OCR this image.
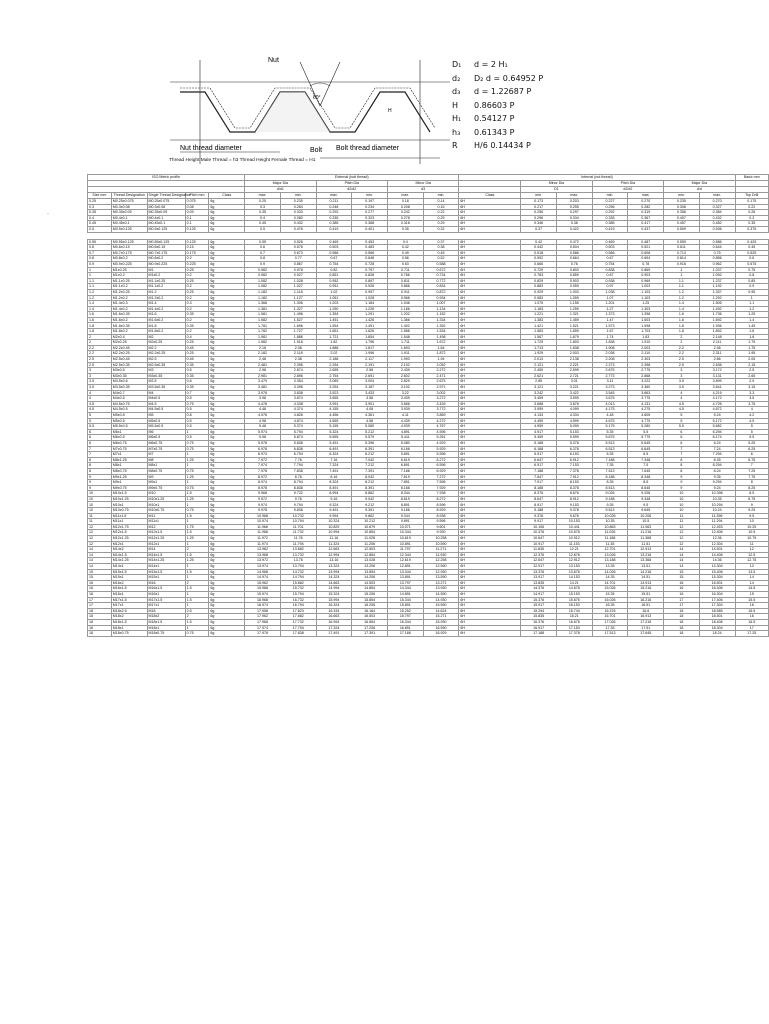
Nut
Bolt
60°
H
Nut thread diameter	Bolt thread diameter
D₁	d = 2 H₁
d₂	D₂ d = 0.64952 P
d₃	d = 1.22687 P
H	0.86603 P
H₁	0.54127 P
h₃	0.61343 P
R	H/6 0.14434 P
Thread Height Male Thread = h3 Thread Height Female Thread = H1
·
ISO Metric profile					External (bolt thread)						Internal (nut thread)							Basic mm
					Major Dia		Pitch Dia		Minor Dia			Minor Dia		Pitch Dia		Major Dia		
					d/d1		d2/d2		d3			D1		d2/d2		d/d		
Size mm	Thread Designation	Single Thread Designation	Pitch mm	Class	max.	min.	max.	min.	max.	min.	Class	min.	max.	min.	max.	min.	max.	Top Drill
0.25	M0.25x0.075	M0.25x0.075	0.075	6g	0.25	0.235	0.211	0.197	0.18	0.14	6H	0.173	0.203	0.227	0.270	0.235	0.270	0.175
0.3	M0.3x0.08	M0.3x0.08	0.08	6g	0.3	0.284	0.248	0.234	0.208	0.16	6H	0.217	0.255	0.256	0.282	0.308	0.327	0.22
0.35	M0.35x0.09	M0.35x0.09	0.09	6g	0.35	0.333	0.292	0.277	0.242	0.22	6H	0.256	0.297	0.292	0.319	0.356	0.384	0.26
0.4	M0.4x0.1	M0.4x0.1	0.1	6g	0.4	0.380	0.335	0.323	0.278	0.25	6H	0.296	0.334	0.335	0.367	0.407	0.432	0.3
0.45	M0.45x0.1	M0.45x0.1	0.1	6g	0.45	0.432	0.385	0.368	0.318	0.29	6H	0.346	0.38	0.385	0.417	0.457	0.482	0.35
0.5	M0.5x0.125	M0.5x0.125	0.125	6g	0.5	0.476	0.419	0.401	0.35	0.32	6H	0.37	0.422	0.419	0.437	0.509	0.536	0.375

0.55	M0.55x0.125	M0.55x0.125	0.125	6g	0.55	0.526	0.469	0.453	0.4	0.37	6H	0.42	0.472	0.469	0.487	0.559	0.586	0.425
0.6	M0.6x0.15	M0.6x0.15	0.15	6g	0.6	0.576	0.503	0.483	0.42	0.38	6H	0.442	0.504	0.503	0.521	0.611	0.644	0.45
0.7	M0.7x0.175	M0.7x0.175	0.175	6g	0.7	0.673	0.586	0.566	0.49	0.45	6H	0.518	0.586	0.586	0.608	0.713	0.75	0.525
0.8	M0.8x0.2	M0.8x0.2	0.2	6g	0.8	0.77	0.67	0.648	0.56	0.52	6H	0.592	0.664	0.67	0.694	0.814	0.856	0.6
0.9	M0.9x0.225	M0.9x0.225	0.225	6g	0.9	0.867	0.754	0.728	0.63	0.588	6H	0.666	0.76	0.754	0.78	0.916	0.962	0.675
1	M1x0.25	M1	0.25	6g	0.982	0.978	0.82	0.797	0.711	0.672	6H	0.729	0.803	0.838	0.869	1	1.037	0.75
1	M1x0.2	M1x0.2	0.2	6g	0.982	0.927	0.851	0.828	0.766	0.734	6H	0.783	0.859	0.87	0.903	1	1.092	0.8
1.1	M1.1x0.25	M1.1x0.25	0.25	6g	1.082	1.028	0.952	0.897	0.811	0.772	6H	0.829	0.903	0.938	0.969	1.1	1.237	0.85
1.1	M1.1x0.2	M1.1x0.2	0.2	6g	1.082	1.027	0.951	0.928	0.866	0.834	6H	0.883	0.959	0.97	1.003	1.1	1.192	0.9
1.2	M1.2x0.25	M1.2	0.25	6g	1.182	1.118	1.02	0.997	0.911	0.872	6H	0.929	1.003	1.038	1.103	1.2	1.337	0.95
1.2	M1.2x0.2	M1.2x0.2	0.2	6g	1.182	1.127	1.051	1.028	0.966	0.934	6H	0.983	1.059	1.07	1.103	1.2	1.292	1
1.4	M1.4x0.3	M1.4	0.3	6g	1.368	1.306	1.203	1.184	1.046	1.007	6H	1.075	1.155	1.201	1.25	1.4	1.505	1.1
1.4	M1.4x0.2	M1.4x0.2	0.2	6g	1.381	1.327	1.250	1.226	1.166	1.134	6H	1.183	1.259	1.27	1.303	1.4	1.492	1.2
1.6	M1.6x0.35	M1.6	0.35	6g	1.581	1.496	1.354	1.291	1.202	1.152	6H	1.221	1.321	1.373	1.398	1.6	1.736	1.25
1.6	M1.6x0.2	M1.6x0.2	0.2	6g	1.582	1.527	1.451	1.426	1.366	1.334	6H	1.383	1.459	1.47	1.503	1.6	1.692	1.4
1.8	M1.8x0.35	M1.8	0.35	6g	1.781	1.696	1.554	1.491	1.402	1.352	6H	1.421	1.521	1.573	1.598	1.8	1.936	1.45
1.8	M1.8x0.2	M1.8x0.2	0.2	6g	1.782	1.727	1.651	1.626	1.566	1.534	6H	1.583	1.659	1.67	1.703	1.8	1.892	1.6
2	M2x0.4	M2	0.4	6g	1.981	1.886	1.721	1.654	1.548	1.498	6H	1.567	1.679	1.74	1.83	2	2.148	1.6
2	M2x0.25	M2x0.25	0.25	6g	1.982	1.918	1.82	1.796	1.711	1.672	6H	1.729	1.803	1.838	1.910	2	2.111	1.75
2.2	M2.2x0.45	M2.2	0.45	6g	2.18	2.08	1.888	1.817	1.693	1.64	6H	1.713	1.838	1.908	2.003	2.2	2.36	1.75
2.2	M2.2x0.25	M2.2x0.25	0.25	6g	2.182	2.118	2.02	1.996	1.911	1.872	6H	1.929	2.003	2.038	2.110	2.2	2.311	1.95
2.5	M2.5x0.45	M2.5	0.45	6g	2.48	2.38	2.188	2.117	1.993	1.94	6H	2.013	2.138	2.208	2.303	2.5	2.66	2.05
2.5	M2.5x0.35	M2.5x0.35	0.35	6g	2.481	2.396	2.254	2.191	2.102	2.052	6H	2.121	2.221	2.273	2.398	2.5	2.636	2.15
3	M3x0.5	M3	0.5	6g	2.98	2.874	2.655	2.58	2.439	2.272	6H	2.459	2.599	2.675	2.775	3	3.172	2.5
3	M3x0.35	M3x0.35	0.35	6g	2.981	2.896	2.754	2.691	2.602	2.471	6H	2.621	2.721	2.773	2.868	3	3.131	2.65
3.5	M3.5x0.6	M3.5	0.6	6g	3.479	3.354	3.089	3.004	2.829	2.675	6H	2.85	3.01	3.11	3.222	3.5	3.699	2.9
3.5	M3.5x0.35	M3.5x0.35	0.35	6g	3.481	3.396	3.254	3.187	3.102	2.971	6H	3.121	3.221	3.273	3.360	3.5	3.641	3.15
4	M4x0.7	M4	0.7	6g	3.978	3.838	3.523	3.433	3.22	3.002	6H	3.242	3.422	3.545	3.663	4	4.219	3.3
4	M4x0.5	M4x0.5	0.5	6g	3.98	3.874	3.655	3.58	3.439	3.272	6H	3.459	3.599	3.675	3.775	4	4.172	3.5
4.5	M4.5x0.75	M4.5	0.75	6g	4.478	4.338	3.991	3.901	3.666	3.439	6H	3.688	3.878	4.013	4.131	4.5	4.726	3.75
4.5	M4.5x0.5	M4.5x0.5	0.5	6g	4.48	4.374	4.155	4.08	3.939	3.772	6H	3.959	4.099	4.175	4.275	4.5	4.672	4
5	M5x0.8	M5	0.8	6g	4.976	4.826	4.456	4.361	4.11	3.869	6H	4.134	4.334	4.48	4.605	5	5.24	4.2
5	M5x0.5	M5x0.5	0.5	6g	4.98	4.874	4.655	4.58	4.439	4.272	6H	4.459	4.599	4.675	4.775	5	5.172	4.5
5.5	M5.5x0.5	M5.5x0.5	0.5	6g	5.48	5.374	5.155	5.080	4.939	4.767	6H	4.959	5.099	5.175	5.280	5.5	5.682	5
6	M6x1	M6	1	6g	5.974	5.794	5.324	5.212	4.891	4.596	6H	4.917	5.153	5.35	5.5	6	6.294	5
6	M6x0.5	M6x0.5	0.5	6g	5.98	5.874	5.655	5.579	5.411	5.261	6H	5.459	5.599	5.675	5.775	6	6.174	5.5
6	M6x0.75	M6x0.75	0.75	6g	5.978	5.838	5.491	5.396	5.080	4.929	6H	5.188	5.378	5.513	5.645	6	6.24	5.25
7	M7x0.75	M7x0.75	0.75	6g	6.978	6.838	6.491	6.391	6.166	5.929	6H	6.188	6.378	6.513	6.645	7	7.24	6.25
7	M7x1	M7	1	6g	6.974	6.794	6.324	6.212	5.891	5.596	6H	5.917	6.153	6.35	6.5	7	7.294	6
8	M8x1.25	M8	1.25	6g	7.972	7.76	7.16	7.042	6.619	6.272	6H	6.647	6.912	7.188	7.348	8	8.35	6.75
8	M8x1	M8x1	1	6g	7.974	7.794	7.324	7.212	6.891	6.596	6H	6.917	7.153	7.35	7.5	8	8.294	7
8	M8x0.75	M8x0.75	0.75	6g	7.978	7.838	7.491	7.391	7.166	6.929	6H	7.188	7.378	7.513	7.645	8	8.24	7.25
9	M9x1.25	M9	1.25	6g	8.972	8.76	8.16	8.042	7.619	7.272	6H	7.647	7.912	8.188	8.348	9	9.35	7.75
9	M9x1	M9x1	1	6g	8.974	8.794	8.324	8.212	7.891	7.596	6H	7.917	8.153	8.35	8.5	9	9.294	8
9	M9x0.75	M9x0.75	0.75	6g	8.978	8.838	8.491	8.391	8.166	7.929	6H	8.188	8.378	8.513	8.645	9	9.24	8.25
10	M10x1.5	M10	1.5	6g	9.968	9.732	8.994	8.862	8.344	7.938	6H	8.376	8.676	9.026	9.206	10	10.396	8.5
10	M10x1.25	M10x1.25	1.25	6g	9.972	9.76	9.16	9.042	8.619	8.272	6H	8.647	8.912	9.188	9.348	10	10.35	8.75
10	M10x1	M10x1	1	6g	9.974	9.794	9.324	9.212	8.891	8.596	6H	8.917	9.153	9.35	9.5	10	10.294	9
10	M10x0.75	M10x0.75	0.75	6g	9.978	9.838	9.491	9.391	9.166	8.929	6H	9.188	9.378	9.513	9.645	10	10.24	9.25
11	M11x1.5	M11	1.5	6g	10.968	10.732	9.994	9.862	9.344	8.938	6H	9.376	9.676	10.026	10.206	11	11.396	9.5
11	M11x1	M11x1	1	6g	10.974	10.794	10.324	10.212	9.891	9.596	6H	9.917	10.153	10.35	10.5	11	11.294	10
12	M12x1.75	M12	1.75	6g	11.966	11.701	10.829	10.679	10.071	9.601	6H	10.106	10.441	10.863	11.063	12	12.453	10.25
12	M12x1.5	M12x1.5	1.5	6g	11.968	11.732	10.994	10.854	10.344	9.930	6H	10.376	10.676	11.026	11.216	12	12.406	10.5
12	M12x1.25	M12x1.25	1.25	6g	11.972	11.76	11.16	11.028	10.619	10.258	6H	10.647	10.912	11.188	11.368	12	12.36	10.75
12	M12x1	M12x1	1	6g	11.974	11.794	11.324	11.206	10.891	10.590	6H	10.917	11.153	11.35	11.51	12	12.304	11
14	M14x2	M14	2	6g	13.962	13.682	12.663	12.503	11.797	11.271	6H	11.835	12.21	12.701	12.913	14	14.501	12
14	M14x1.5	M14x1.5	1.5	6g	13.968	13.732	12.994	12.854	12.344	11.930	6H	12.376	12.676	13.026	13.216	14	14.406	12.5
14	M14x1.25	M14x1.25	1.25	6g	13.972	13.76	13.16	13.028	12.619	12.258	6H	12.647	12.912	13.188	13.368	14	14.36	12.75
14	M14x1	M14x1	1	6g	13.974	13.794	13.324	13.206	12.891	12.590	6H	12.917	13.153	13.35	13.51	14	14.304	13
15	M15x1.5	M15x1.5	1.5	6g	14.968	14.732	13.994	13.854	13.344	12.930	6H	13.376	13.676	14.026	14.216	15	15.406	13.5
15	M15x1	M15x1	1	6g	14.974	14.794	14.324	14.206	13.891	13.590	6H	13.917	14.153	14.35	14.51	15	15.304	14
16	M16x2	M16	2	6g	15.962	15.682	14.663	14.503	13.797	13.271	6H	13.835	14.21	14.701	14.913	16	16.501	14
16	M16x1.5	M16x1.5	1.5	6g	15.968	15.732	14.994	14.854	14.344	13.930	6H	14.376	14.676	15.026	15.216	16	16.406	14.5
16	M16x1	M16x1	1	6g	15.974	15.794	15.324	15.206	14.891	14.590	6H	14.917	15.153	15.35	15.51	16	16.304	15
17	M17x1.5	M17x1.5	1.5	6g	16.968	16.732	15.994	15.854	15.344	14.930	6H	15.376	15.676	16.026	16.216	17	17.406	15.5
17	M17x1	M17x1	1	6g	16.974	16.794	16.324	16.206	15.891	15.590	6H	15.917	16.153	16.35	16.51	17	17.304	16
18	M18x2.5	M18	2.5	6g	17.958	17.623	16.334	16.164	15.252	14.624	6H	15.294	15.744	16.376	16.6	18	18.585	15.5
18	M18x2	M18x2	2	6g	17.962	17.682	16.663	16.503	15.797	15.271	6H	15.835	16.21	16.701	16.913	18	18.501	16
18	M18x1.5	M18x1.5	1.5	6g	17.968	17.732	16.994	16.854	16.344	15.930	6H	16.376	16.676	17.026	17.216	18	18.406	16.5
18	M18x1	M18x1	1	6g	17.974	17.794	17.324	17.206	16.891	16.590	6H	16.917	17.153	17.35	17.51	18	18.304	17
18	M18x0.75	M18x0.75	0.75	6g	17.978	17.838	17.491	17.391	17.166	16.929	6H	17.188	17.378	17.513	17.645	18	18.24	17.25
